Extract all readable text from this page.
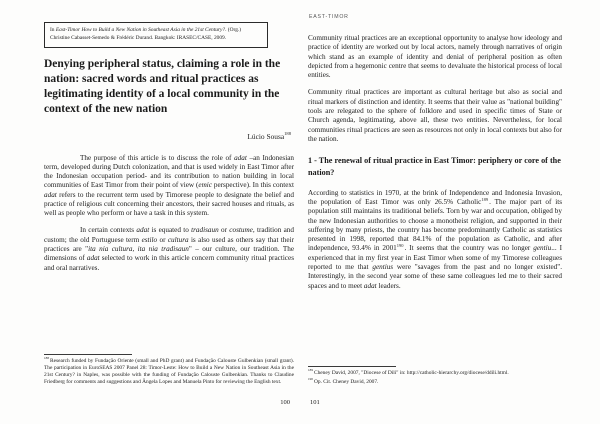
In East-Timor How to Build a New Nation in Southeast Asia in the 21st Century?. (Org.) Christine Cabasset-Semedo & Frédéric Durand. Bangkok: IRASEC/CASE, 2009.
Denying peripheral status, claiming a role in the nation: sacred words and ritual practices as legitimating identity of a local community in the context of the new nation

Lúcio Sousa$^{188}$

The purpose of this article is to discuss the role of adat –an Indonesian term, developed during Dutch colonization, and that is used widely in East Timor after the Indonesian occupation period- and its contribution to nation building in local communities of East Timor from their point of view (emic perspective). In this context adat refers to the recurrent term used by Timorese people to designate the belief and practice of religious cult concerning their ancestors, their sacred houses and rituals, as well as people who perform or have a task in this system.

In certain contexts adat is equated to tradisaun or costume, tradition and custom; the old Portuguese term estilo or cultura is also used as others say that their practices are "ita nia cultura, ita nia tradisaun" – our culture, our tradition. The dimensions of adat selected to work in this article concern community ritual practices and oral narratives.

$^{188}$Research funded by Fundação Oriente (small and PhD grant) and Fundação Calouste Gulbenkian (small grant). The participation in EuroSEAS 2007 Panel 28: Timor-Leste: How to Build a New Nation in Southeast Asia in the 21st Century? in Naples, was possible with the funding of Fundação Calouste Gulbenkian. Thanks to Claudine Friedberg for comments and suggestions and Ângela Lopes and Manuela Pinto for reviewing the English text.

100
EAST-TIMOR

Community ritual practices are an exceptional opportunity to analyse how ideology and practice of identity are worked out by local actors, namely through narratives of origin which stand as an example of identity and denial of peripheral position as often depicted from a hegemonic centre that seems to devaluate the historical process of local entities.

Community ritual practices are important as cultural heritage but also as social and ritual markers of distinction and identity. It seems that their value as "national building" tools are relegated to the sphere of folklore and used in specific times of State or Church agenda, legitimating, above all, these two entities. Nevertheless, for local communities ritual practices are seen as resources not only in local contexts but also for the nation.

1 - The renewal of ritual practice in East Timor: periphery or core of the nation?

According to statistics in 1970, at the brink of Independence and Indonesia Invasion, the population of East Timor was only 26.5% Catholic$^{189}$. The major part of its population still maintains its traditional beliefs. Torn by war and occupation, obliged by the new Indonesian authorities to choose a monotheist religion, and supported in their suffering by many priests, the country has become predominantly Catholic as statistics presented in 1998, reported that 84.1% of the population as Catholic, and after independence, 93.4% in 2001$^{190}$. It seems that the country was no longer gentiu... I experienced that in my first year in East Timor when some of my Timorese colleagues reported to me that gentius were "savages from the past and no longer existed". Interestingly, in the second year some of these same colleagues led me to their sacred spaces and to meet adat leaders.

$^{189}$Cheney David, 2007, "Diocese of Dili" in: http://catholic-hierarchy.org/diocese/ddili.html.

$^{190}$Op. Cit. Cheney David, 2007.

101
